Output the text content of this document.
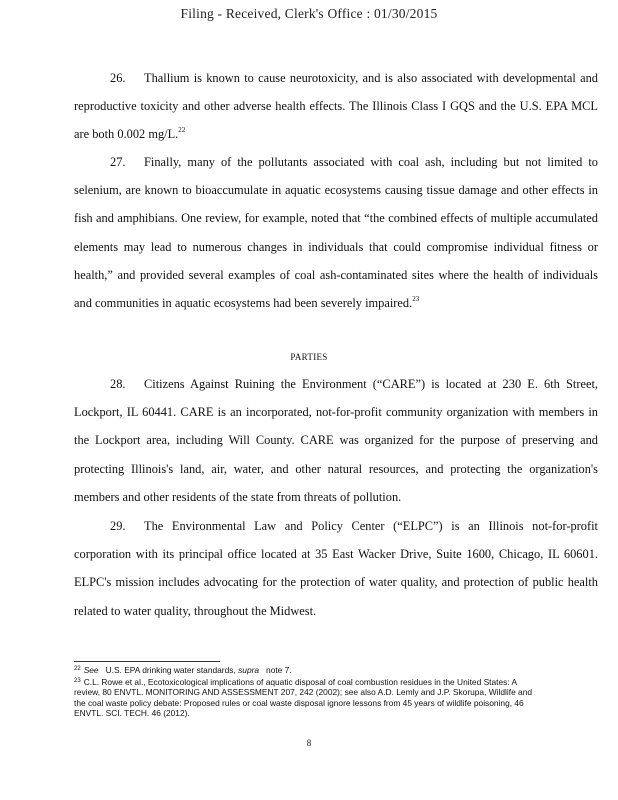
Filing - Received, Clerk's Office : 01/30/2015
26. Thallium is known to cause neurotoxicity, and is also associated with developmental and reproductive toxicity and other adverse health effects. The Illinois Class I GQS and the U.S. EPA MCL are both 0.002 mg/L.$^{22}$
27. Finally, many of the pollutants associated with coal ash, including but not limited to selenium, are known to bioaccumulate in aquatic ecosystems causing tissue damage and other effects in fish and amphibians. One review, for example, noted that “the combined effects of multiple accumulated elements may lead to numerous changes in individuals that could compromise individual fitness or health,” and provided several examples of coal ash-contaminated sites where the health of individuals and communities in aquatic ecosystems had been severely impaired.$^{23}$
PARTIES
28. Citizens Against Ruining the Environment (“CARE”) is located at 230 E. 6th Street, Lockport, IL 60441. CARE is an incorporated, not-for-profit community organization with members in the Lockport area, including Will County. CARE was organized for the purpose of preserving and protecting Illinois's land, air, water, and other natural resources, and protecting the organization's members and other residents of the state from threats of pollution.
29. The Environmental Law and Policy Center (“ELPC”) is an Illinois not-for-profit corporation with its principal office located at 35 East Wacker Drive, Suite 1600, Chicago, IL 60601. ELPC's mission includes advocating for the protection of water quality, and protection of public health related to water quality, throughout the Midwest.
$^{22}$ See U.S. EPA drinking water standards, supra note 7.
$^{23}$ C.L. Rowe et al., Ecotoxicological implications of aquatic disposal of coal combustion residues in the United States: A review, 80 ENVTL. MONITORING AND ASSESSMENT 207, 242 (2002); see also A.D. Lemly and J.P. Skorupa, Wildlife and the coal waste policy debate: Proposed rules or coal waste disposal ignore lessons from 45 years of wildlife poisoning, 46 ENVTL. SCI. TECH. 46 (2012).
8
